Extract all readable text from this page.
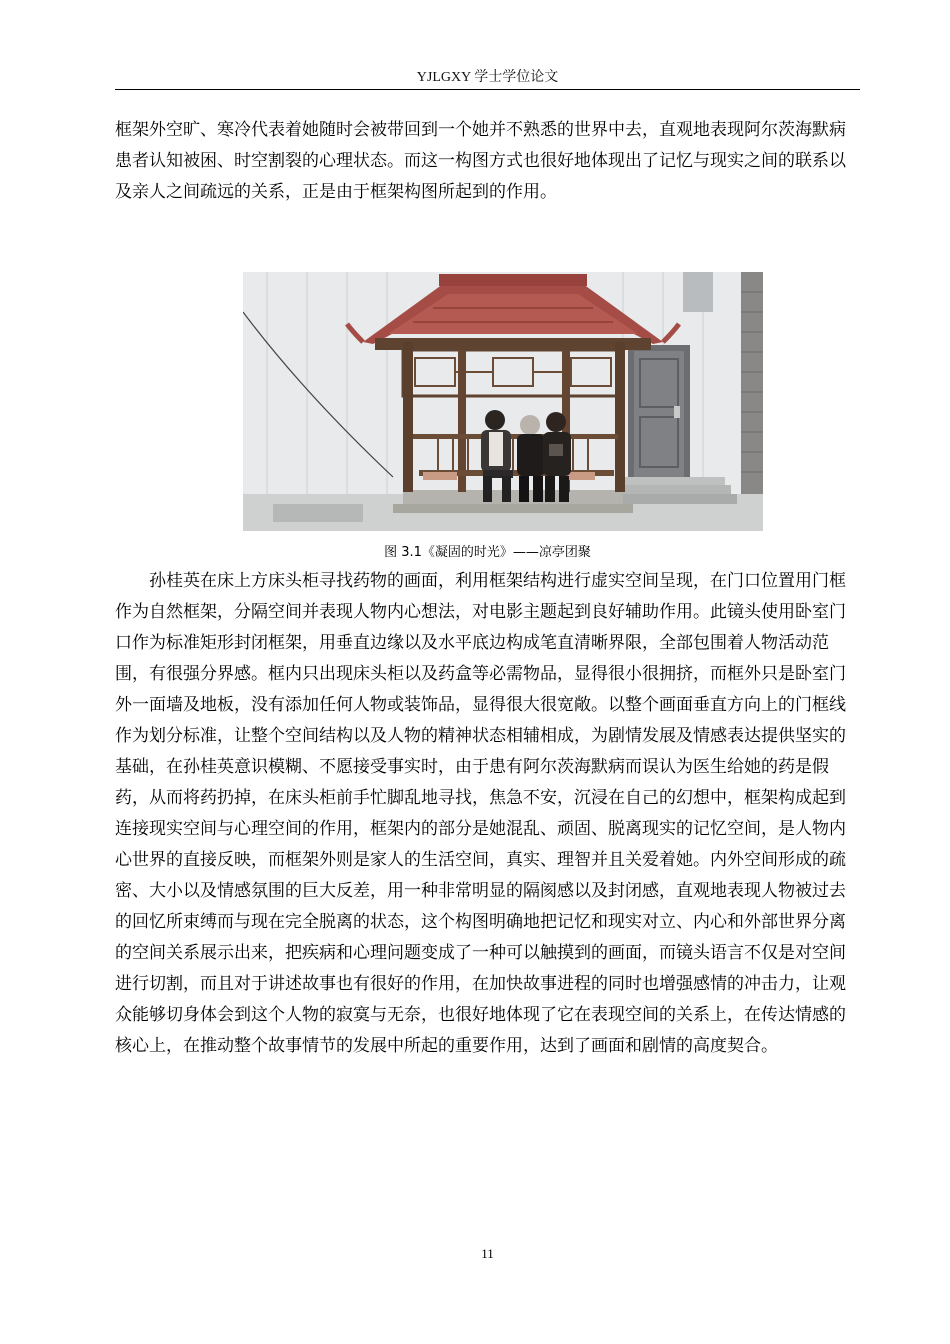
YJLGXY 学士学位论文

框架外空旷、寒冷代表着她随时会被带回到一个她并不熟悉的世界中去，直观地表现阿尔茨海默病患者认知被困、时空割裂的心理状态。而这一构图方式也很好地体现出了记忆与现实之间的联系以及亲人之间疏远的关系，正是由于框架构图所起到的作用。

图 3.1《凝固的时光》——凉亭团聚

孙桂英在床上方床头柜寻找药物的画面，利用框架结构进行虚实空间呈现，在门口位置用门框作为自然框架，分隔空间并表现人物内心想法，对电影主题起到良好辅助作用。此镜头使用卧室门口作为标准矩形封闭框架，用垂直边缘以及水平底边构成笔直清晰界限，全部包围着人物活动范围，有很强分界感。框内只出现床头柜以及药盒等必需物品，显得很小很拥挤，而框外只是卧室门外一面墙及地板，没有添加任何人物或装饰品，显得很大很宽敞。以整个画面垂直方向上的门框线作为划分标准，让整个空间结构以及人物的精神状态相辅相成，为剧情发展及情感表达提供坚实的基础，在孙桂英意识模糊、不愿接受事实时，由于患有阿尔茨海默病而误认为医生给她的药是假药，从而将药扔掉，在床头柜前手忙脚乱地寻找，焦急不安，沉浸在自己的幻想中，框架构成起到连接现实空间与心理空间的作用，框架内的部分是她混乱、顽固、脱离现实的记忆空间，是人物内心世界的直接反映，而框架外则是家人的生活空间，真实、理智并且关爱着她。内外空间形成的疏密、大小以及情感氛围的巨大反差，用一种非常明显的隔阂感以及封闭感，直观地表现人物被过去的回忆所束缚而与现在完全脱离的状态，这个构图明确地把记忆和现实对立、内心和外部世界分离的空间关系展示出来，把疾病和心理问题变成了一种可以触摸到的画面，而镜头语言不仅是对空间进行切割，而且对于讲述故事也有很好的作用，在加快故事进程的同时也增强感情的冲击力，让观众能够切身体会到这个人物的寂寞与无奈，也很好地体现了它在表现空间的关系上，在传达情感的核心上，在推动整个故事情节的发展中所起的重要作用，达到了画面和剧情的高度契合。

11
